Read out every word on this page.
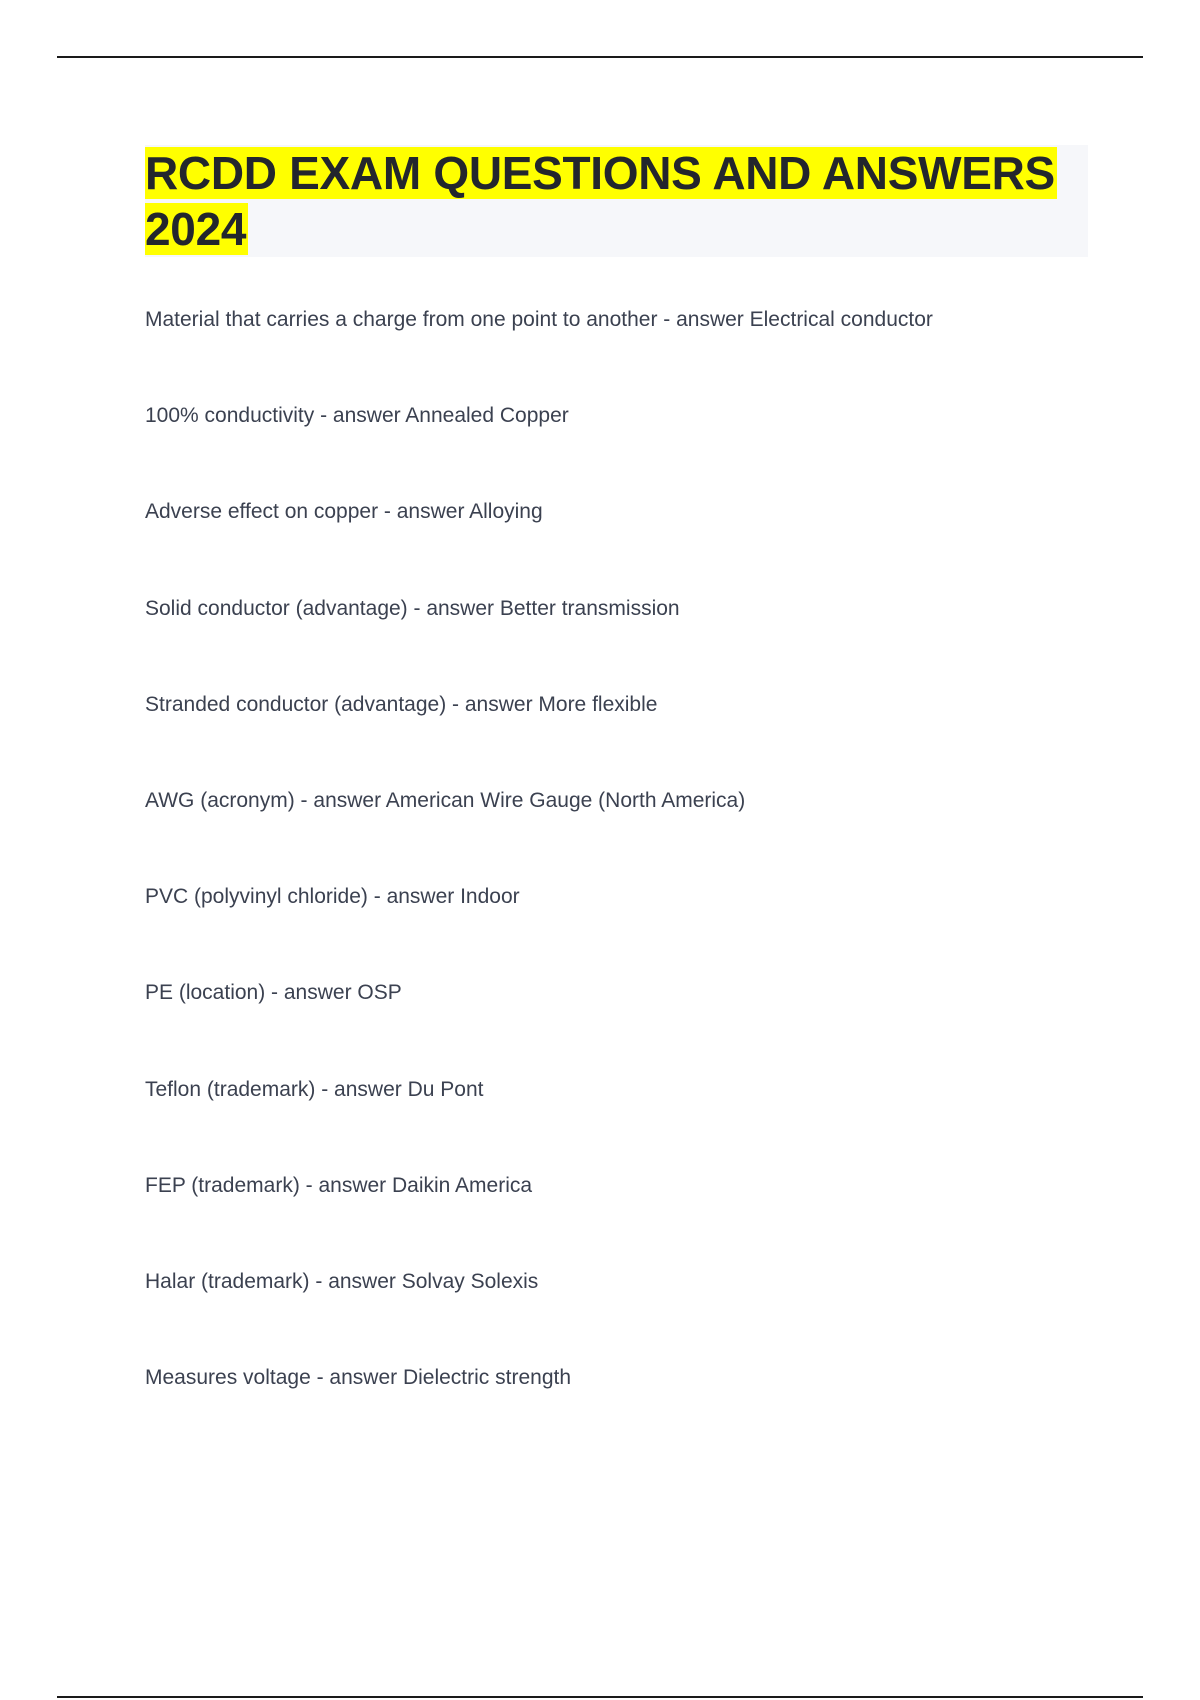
RCDD EXAM QUESTIONS AND ANSWERS 2024
Material that carries a charge from one point to another - answer Electrical conductor
100% conductivity - answer Annealed Copper
Adverse effect on copper - answer Alloying
Solid conductor (advantage) - answer Better transmission
Stranded conductor (advantage) - answer More flexible
AWG (acronym) - answer American Wire Gauge (North America)
PVC (polyvinyl chloride) - answer Indoor
PE (location) - answer OSP
Teflon (trademark) - answer Du Pont
FEP (trademark) - answer Daikin America
Halar (trademark) - answer Solvay Solexis
Measures voltage - answer Dielectric strength
